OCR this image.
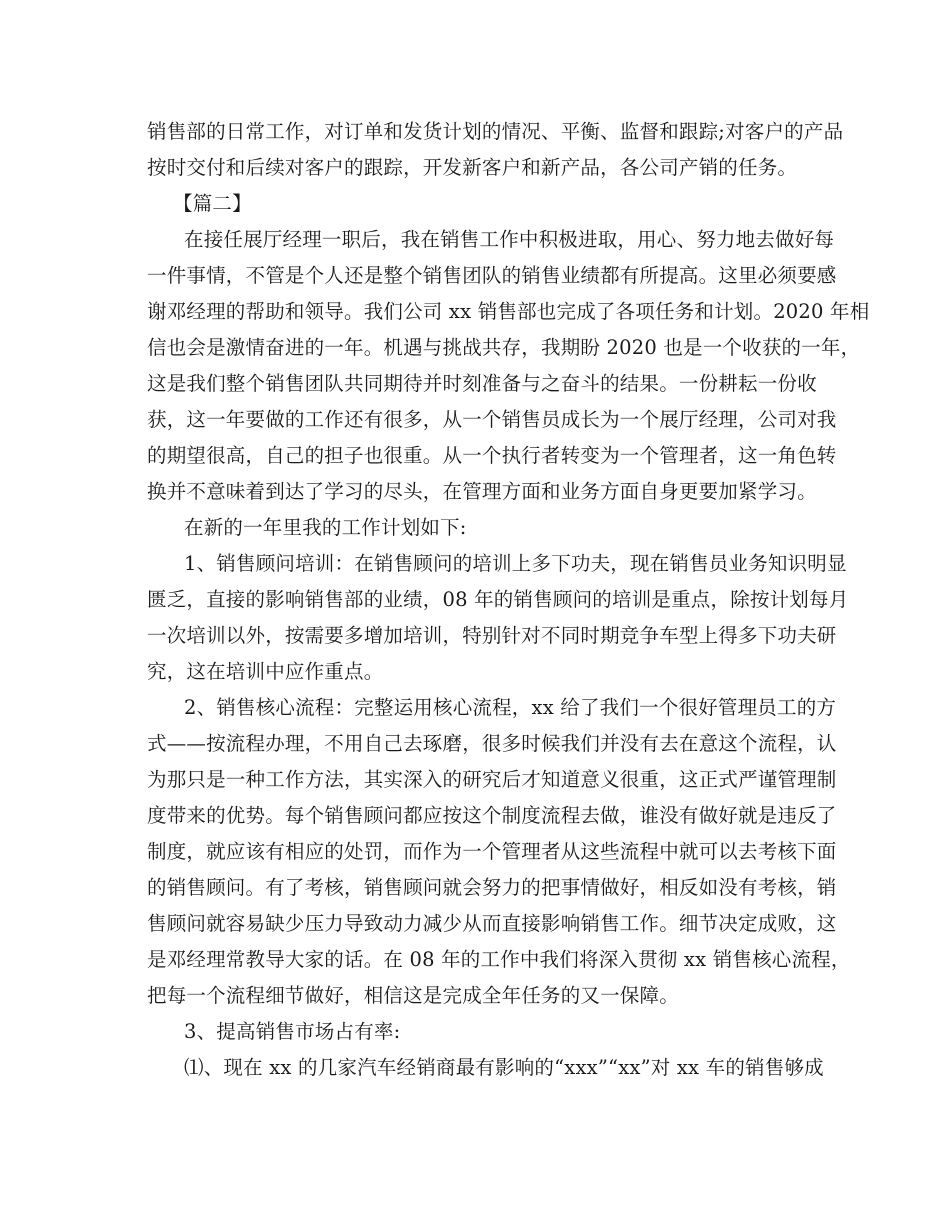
销售部的日常工作，对订单和发货计划的情况、平衡、监督和跟踪;对客户的产品
按时交付和后续对客户的跟踪，开发新客户和新产品，各公司产销的任务。
【篇二】
在接任展厅经理一职后，我在销售工作中积极进取，用心、努力地去做好每
一件事情，不管是个人还是整个销售团队的销售业绩都有所提高。这里必须要感
谢邓经理的帮助和领导。我们公司 xx 销售部也完成了各项任务和计划。2020 年相
信也会是激情奋进的一年。机遇与挑战共存，我期盼 2020 也是一个收获的一年，
这是我们整个销售团队共同期待并时刻准备与之奋斗的结果。一份耕耘一份收
获，这一年要做的工作还有很多，从一个销售员成长为一个展厅经理，公司对我
的期望很高，自己的担子也很重。从一个执行者转变为一个管理者，这一角色转
换并不意味着到达了学习的尽头，在管理方面和业务方面自身更要加紧学习。
在新的一年里我的工作计划如下:
1、销售顾问培训：在销售顾问的培训上多下功夫，现在销售员业务知识明显
匮乏，直接的影响销售部的业绩，08 年的销售顾问的培训是重点，除按计划每月
一次培训以外，按需要多增加培训，特别针对不同时期竞争车型上得多下功夫研
究，这在培训中应作重点。
2、销售核心流程：完整运用核心流程，xx 给了我们一个很好管理员工的方
式——按流程办理，不用自己去琢磨，很多时候我们并没有去在意这个流程，认
为那只是一种工作方法，其实深入的研究后才知道意义很重，这正式严谨管理制
度带来的优势。每个销售顾问都应按这个制度流程去做，谁没有做好就是违反了
制度，就应该有相应的处罚，而作为一个管理者从这些流程中就可以去考核下面
的销售顾问。有了考核，销售顾问就会努力的把事情做好，相反如没有考核，销
售顾问就容易缺少压力导致动力减少从而直接影响销售工作。细节决定成败，这
是邓经理常教导大家的话。在 08 年的工作中我们将深入贯彻 xx 销售核心流程，
把每一个流程细节做好，相信这是完成全年任务的又一保障。
3、提高销售市场占有率:
⑴、现在 xx 的几家汽车经销商最有影响的“xxx”“xx”对 xx 车的销售够成
